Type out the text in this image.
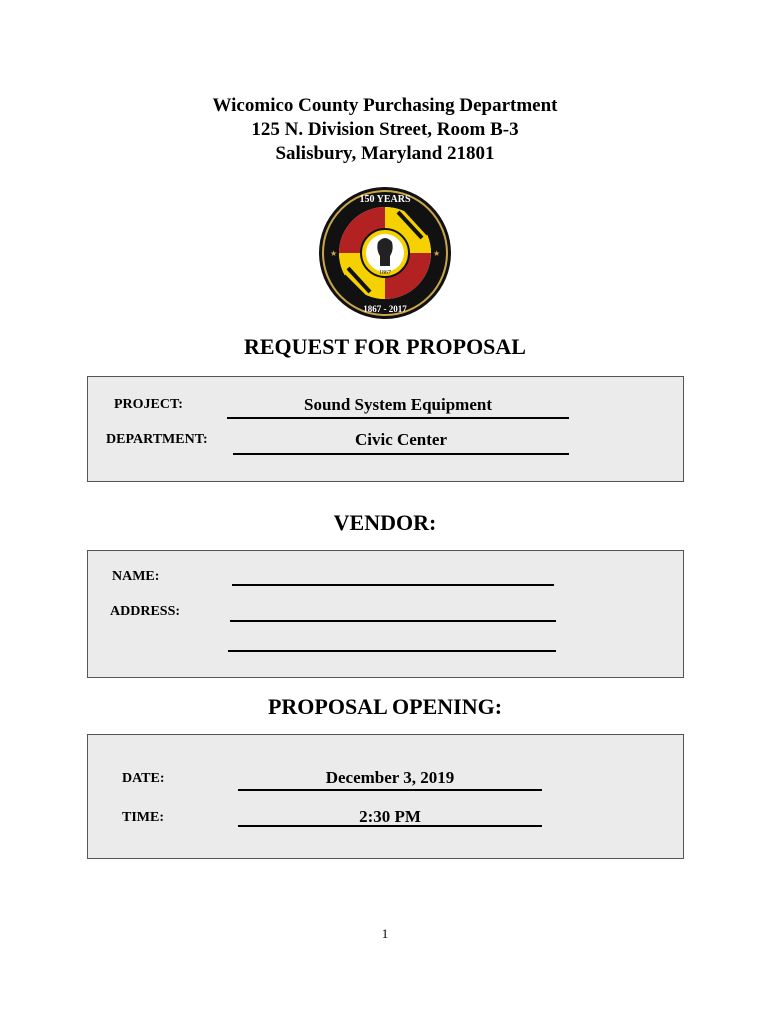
Wicomico County Purchasing Department
125 N. Division Street, Room B-3
Salisbury, Maryland 21801
1867
150 YEARS
1867 - 2017
★	★
REQUEST FOR PROPOSAL
PROJECT:	Sound System Equipment
DEPARTMENT:	Civic Center
VENDOR:
NAME:
ADDRESS:
PROPOSAL OPENING:
DATE:	December 3, 2019
TIME:	2:30 PM
1
